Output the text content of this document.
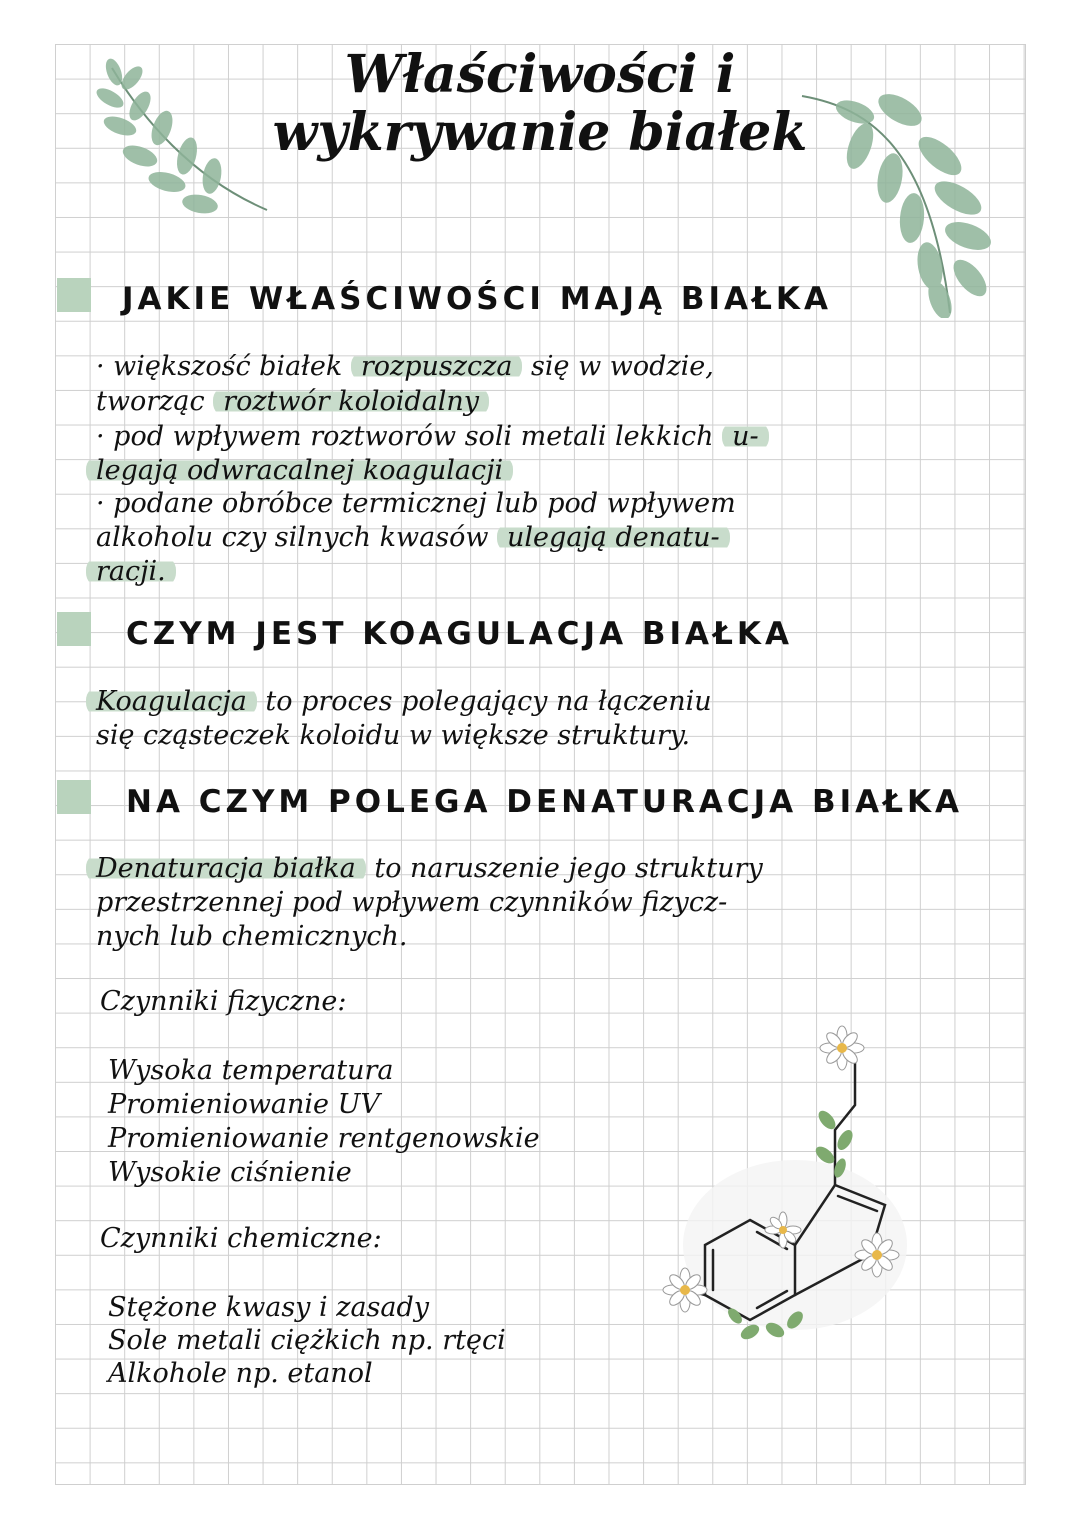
Właściwości i
wykrywanie białek
JAKIE WŁAŚCIWOŚCI MAJĄ BIAŁKA
· większość białek rozpuszcza się w wodzie,
tworząc roztwór koloidalny
· pod wpływem roztworów soli metali lekkich u-
legają odwracalnej koagulacji
· podane obróbce termicznej lub pod wpływem
alkoholu czy silnych kwasów ulegają denatu-
racji.
CZYM JEST KOAGULACJA BIAŁKA
Koagulacja to proces polegający na łączeniu
się cząsteczek koloidu w większe struktury.
NA CZYM POLEGA DENATURACJA BIAŁKA
Denaturacja białka to naruszenie jego struktury
przestrzennej pod wpływem czynników fizycz-
nych lub chemicznych.
Czynniki fizyczne:
Wysoka temperatura
Promieniowanie UV
Promieniowanie rentgenowskie
Wysokie ciśnienie
Czynniki chemiczne:
Stężone kwasy i zasady
Sole metali ciężkich np. rtęci
Alkohole np. etanol
